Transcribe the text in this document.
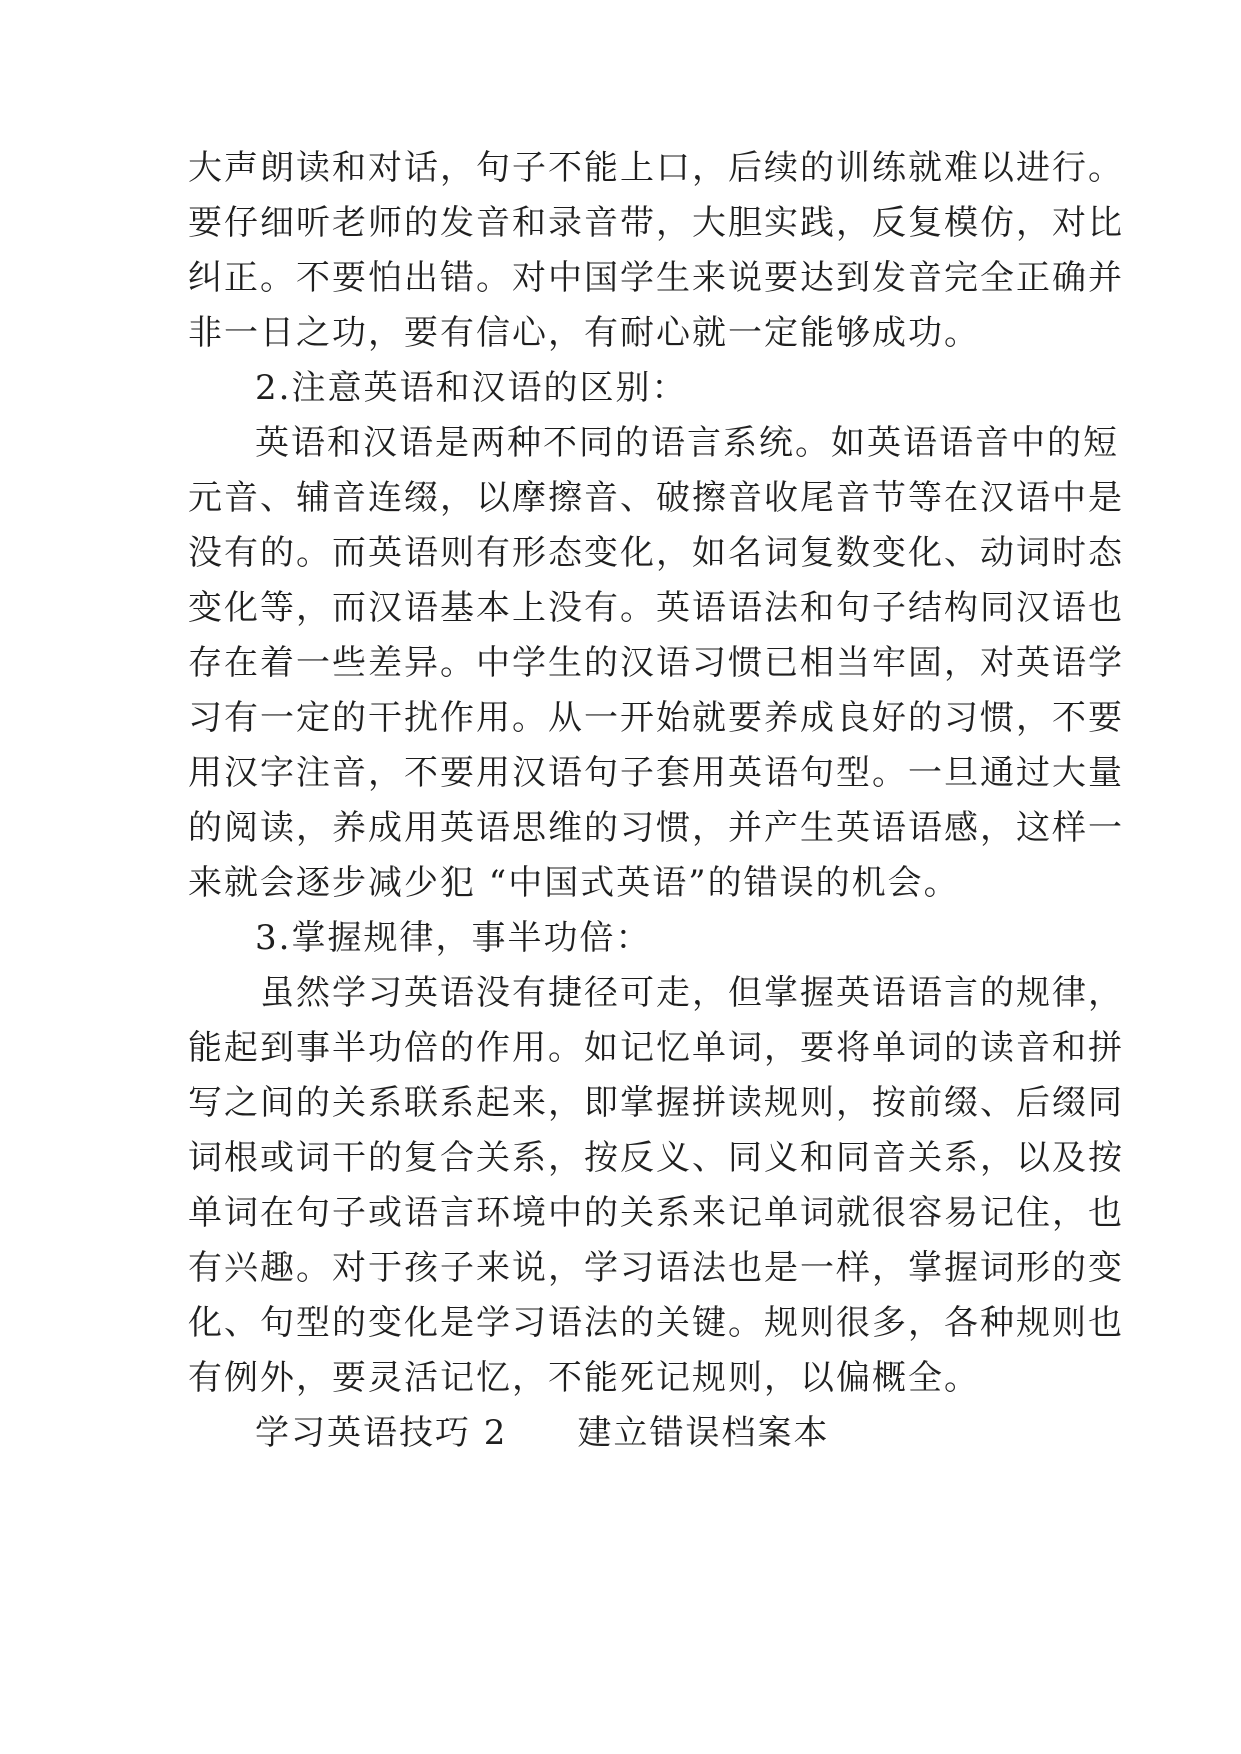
大声朗读和对话，句子不能上口，后续的训练就难以进行。
要仔细听老师的发音和录音带，大胆实践，反复模仿，对比
纠正。不要怕出错。对中国学生来说要达到发音完全正确并
非一日之功，要有信心，有耐心就一定能够成功。
2.注意英语和汉语的区别：
英语和汉语是两种不同的语言系统。如英语语音中的短
元音、辅音连缀，以摩擦音、破擦音收尾音节等在汉语中是
没有的。而英语则有形态变化，如名词复数变化、动词时态
变化等，而汉语基本上没有。英语语法和句子结构同汉语也
存在着一些差异。中学生的汉语习惯已相当牢固，对英语学
习有一定的干扰作用。从一开始就要养成良好的习惯，不要
用汉字注音，不要用汉语句子套用英语句型。一旦通过大量
的阅读，养成用英语思维的习惯，并产生英语语感，这样一
来就会逐步减少犯 “中国式英语”的错误的机会。
3.掌握规律，事半功倍：
虽然学习英语没有捷径可走，但掌握英语语言的规律，
能起到事半功倍的作用。如记忆单词，要将单词的读音和拼
写之间的关系联系起来，即掌握拼读规则，按前缀、后缀同
词根或词干的复合关系，按反义、同义和同音关系，以及按
单词在句子或语言环境中的关系来记单词就很容易记住，也
有兴趣。对于孩子来说，学习语法也是一样，掌握词形的变
化、句型的变化是学习语法的关键。规则很多，各种规则也
有例外，要灵活记忆，不能死记规则，以偏概全。
学习英语技巧 2 建立错误档案本
